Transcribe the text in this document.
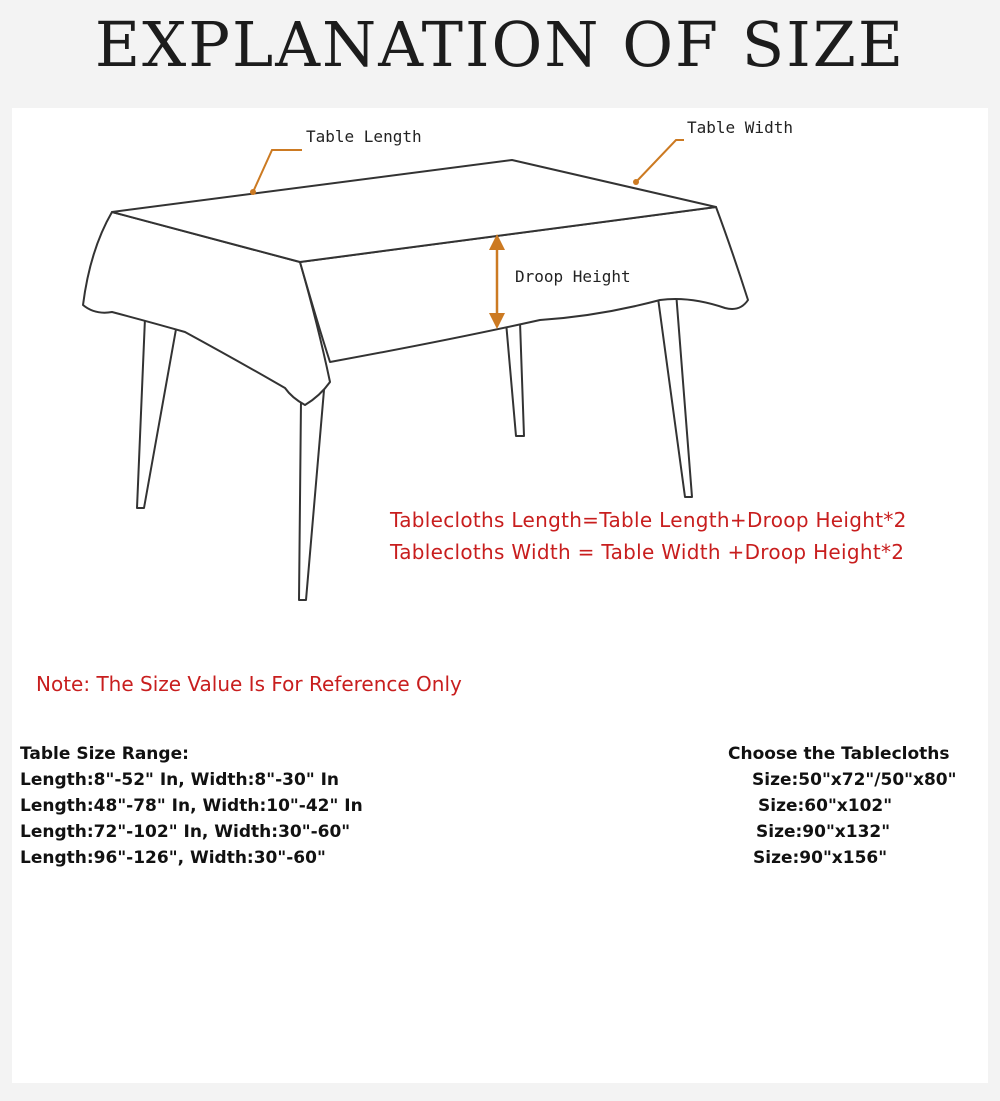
EXPLANATION OF SIZE
Table Length	Table Width
Droop Height
Tablecloths Length=Table Length+Droop Height*2
Tablecloths Width = Table Width +Droop Height*2
Note: The Size Value Is For Reference Only
Table Size Range:
Length:8"-52" In, Width:8"-30" In
Length:48"-78" In, Width:10"-42" In
Length:72"-102" In, Width:30"-60"
Length:96"-126", Width:30"-60"
Choose the Tablecloths
Size:50"x72"/50"x80"
Size:60"x102"
Size:90"x132"
Size:90"x156"
